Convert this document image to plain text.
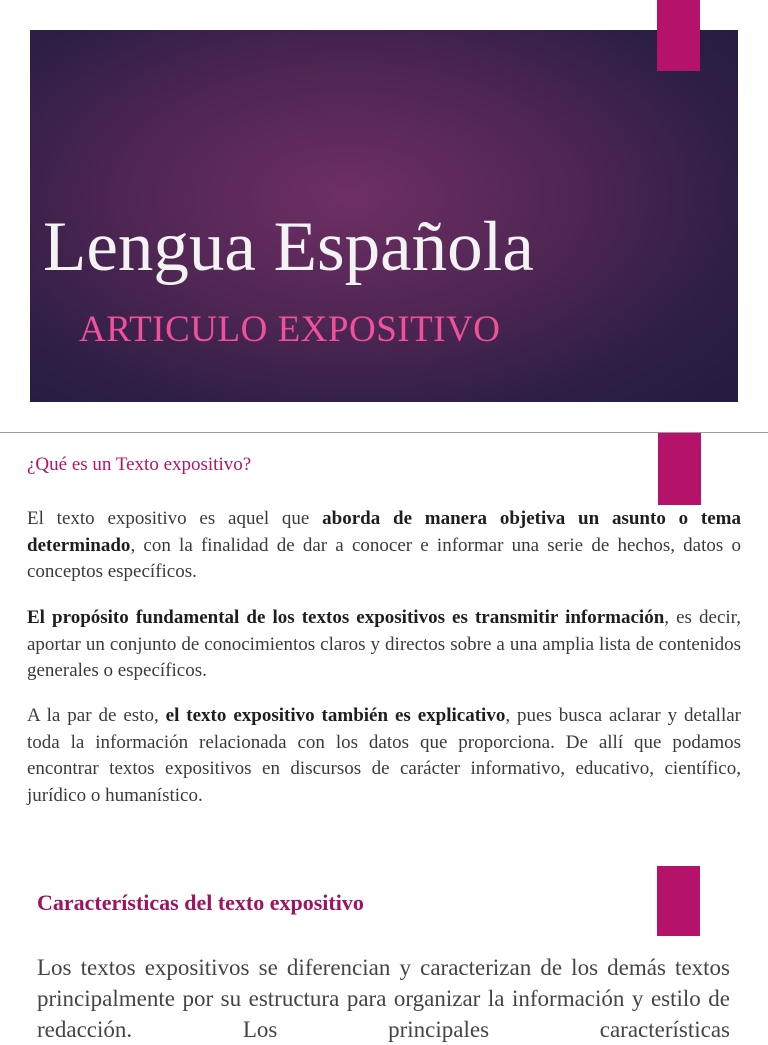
Lengua Española
ARTICULO EXPOSITIVO
¿Qué es un Texto expositivo?

El texto expositivo es aquel que aborda de manera objetiva un asunto o tema determinado, con la finalidad de dar a conocer e informar una serie de hechos, datos o conceptos específicos.

El propósito fundamental de los textos expositivos es transmitir información, es decir, aportar un conjunto de conocimientos claros y directos sobre a una amplia lista de contenidos generales o específicos.

A la par de esto, el texto expositivo también es explicativo, pues busca aclarar y detallar toda la información relacionada con los datos que proporciona. De allí que podamos encontrar textos expositivos en discursos de carácter informativo, educativo, científico, jurídico o humanístico.

Características del texto expositivo

Los textos expositivos se diferencian y caracterizan de los demás textos principalmente por su estructura para organizar la información y estilo de redacción. Los principales características
